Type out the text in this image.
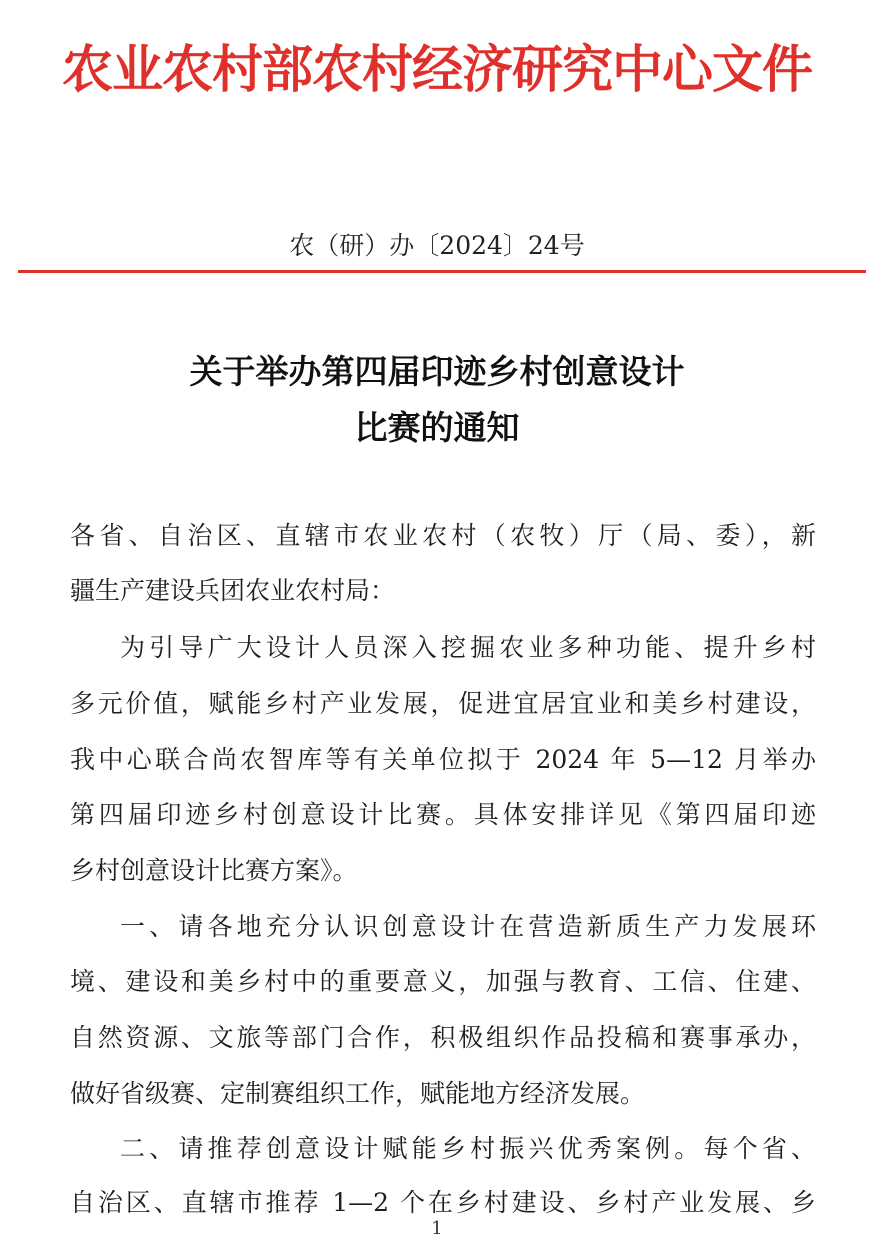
农业农村部农村经济研究中心文件
农（研）办〔2024〕24号
关于举办第四届印迹乡村创意设计
比赛的通知
各省、自治区、直辖市农业农村（农牧）厅（局、委），新
疆生产建设兵团农业农村局：
为引导广大设计人员深入挖掘农业多种功能、提升乡村
多元价值，赋能乡村产业发展，促进宜居宜业和美乡村建设，
我中心联合尚农智库等有关单位拟于 2024 年 5—12 月举办
第四届印迹乡村创意设计比赛。具体安排详见《第四届印迹
乡村创意设计比赛方案》。
一、请各地充分认识创意设计在营造新质生产力发展环
境、建设和美乡村中的重要意义，加强与教育、工信、住建、
自然资源、文旅等部门合作，积极组织作品投稿和赛事承办，
做好省级赛、定制赛组织工作，赋能地方经济发展。
二、请推荐创意设计赋能乡村振兴优秀案例。每个省、
自治区、直辖市推荐 1—2 个在乡村建设、乡村产业发展、乡
1
